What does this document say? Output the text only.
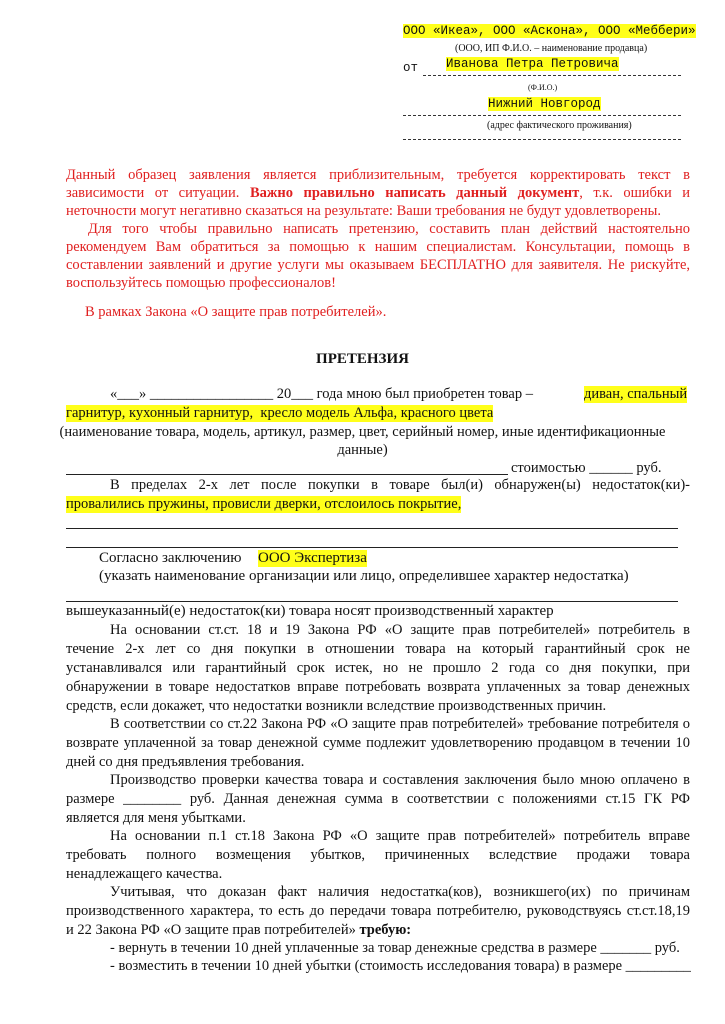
ООО «Икеа», ООО «Аскона», ООО «Меббери»
(ООО, ИП Ф.И.О. – наименование продавца)
от Иванова Петра Петровича
(Ф.И.О.)
Нижний Новгород
(адрес фактического проживания)
Данный образец заявления является приблизительным, требуется корректировать текст в
зависимости от ситуации. Важно правильно написать данный документ, т.к. ошибки и
неточности могут негативно сказаться на результате: Ваши требования не будут удовлетворены.
Для того чтобы правильно написать претензию, составить план действий настоятельно
рекомендуем Вам обратиться за помощью к нашим специалистам. Консультации, помощь в
составлении заявлений и другие услуги мы оказываем БЕСПЛАТНО для заявителя. Не рискуйте,
воспользуйтесь помощью профессионалов!
В рамках Закона «О защите прав потребителей».
ПРЕТЕНЗИЯ
«___» _________________ 20___ года мною был приобретен товар –	диван, спальный
гарнитур, кухонный гарнитур,  кресло модель Альфа, красного цвета
(наименование товара, модель, артикул, размер, цвет, серийный номер, иные идентификационные
данные)
стоимостью ______ руб.
В пределах 2-х лет после покупки в товаре был(и) обнаружен(ы) недостаток(ки)-
провалились пружины, провисли дверки, отслоилось покрытие,
Согласно заключению ООО Экспертиза
(указать наименование организации или лицо, определившее характер недостатка)
вышеуказанный(е) недостаток(ки) товара носят производственный характер
На основании ст.ст. 18 и 19 Закона РФ «О защите прав потребителей» потребитель в
течение 2-х лет со дня покупки в отношении товара на который гарантийный срок не
устанавливался или гарантийный срок истек, но не прошло 2 года со дня покупки, при
обнаружении в товаре недостатков вправе потребовать возврата уплаченных за товар денежных
средств, если докажет, что недостатки возникли вследствие производственных причин.
В соответствии со ст.22 Закона РФ «О защите прав потребителей» требование потребителя о
возврате уплаченной за товар денежной сумме подлежит удовлетворению продавцом в течении 10
дней со дня предъявления требования.
Производство проверки качества товара и составления заключения было мною оплачено в
размере ________ руб. Данная денежная сумма в соответствии с положениями ст.15 ГК РФ
является для меня убытками.
На основании п.1 ст.18 Закона РФ «О защите прав потребителей» потребитель вправе
требовать полного возмещения убытков, причиненных вследствие продажи товара
ненадлежащего качества.
Учитывая, что доказан факт наличия недостатка(ков), возникшего(их) по причинам
производственного характера, то есть до передачи товара потребителю, руководствуясь ст.ст.18,19
и 22 Закона РФ «О защите прав потребителей» требую:
- вернуть в течении 10 дней уплаченные за товар денежные средства в размере _______ руб.
- возместить в течении 10 дней убытки (стоимость исследования товара) в размере _________
